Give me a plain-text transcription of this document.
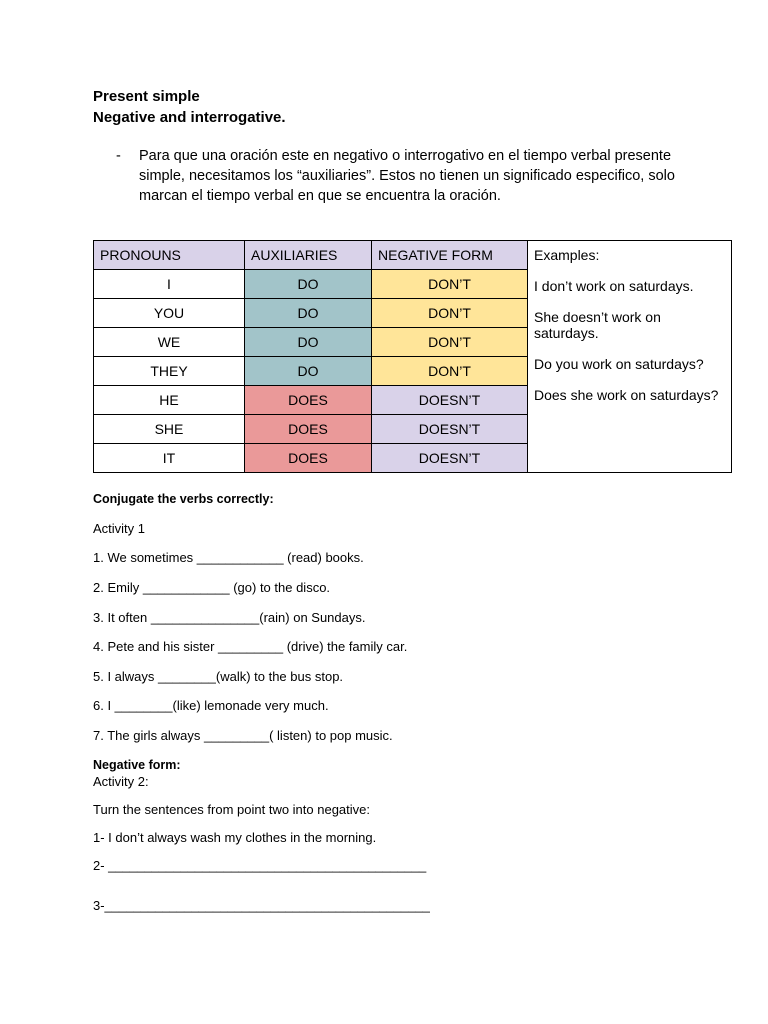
Present simple
Negative and interrogative.
- Para que una oración este en negativo o interrogativo en el tiempo verbal presente simple, necesitamos los “auxiliaries”. Estos no tienen un significado especifico, solo marcan el tiempo verbal en que se encuentra la oración.
PRONOUNS	AUXILIARIES	NEGATIVE FORM	Examples:
I don’t work on saturdays.
She doesn’t work on saturdays.
Do you work on saturdays?
Does she work on saturdays?

I	DO	DON’T	
YOU	DO	DON’T	
WE	DO	DON’T	
THEY	DO	DON’T	
HE	DOES	DOESN’T	
SHE	DOES	DOESN’T	
IT	DOES	DOESN’T	
Conjugate the verbs correctly:
Activity 1
1. We sometimes ____________ (read) books.
2. Emily ____________ (go) to the disco.
3. It often _______________(rain) on Sundays.
4. Pete and his sister _________ (drive) the family car.
5. I always ________(walk) to the bus stop.
6. I ________(like) lemonade very much.
7. The girls always _________( listen) to pop music.
Negative form:
Activity 2:
Turn the sentences from point two into negative:
1- I don’t always wash my clothes in the morning.
2- ____________________________________________
3-_____________________________________________
